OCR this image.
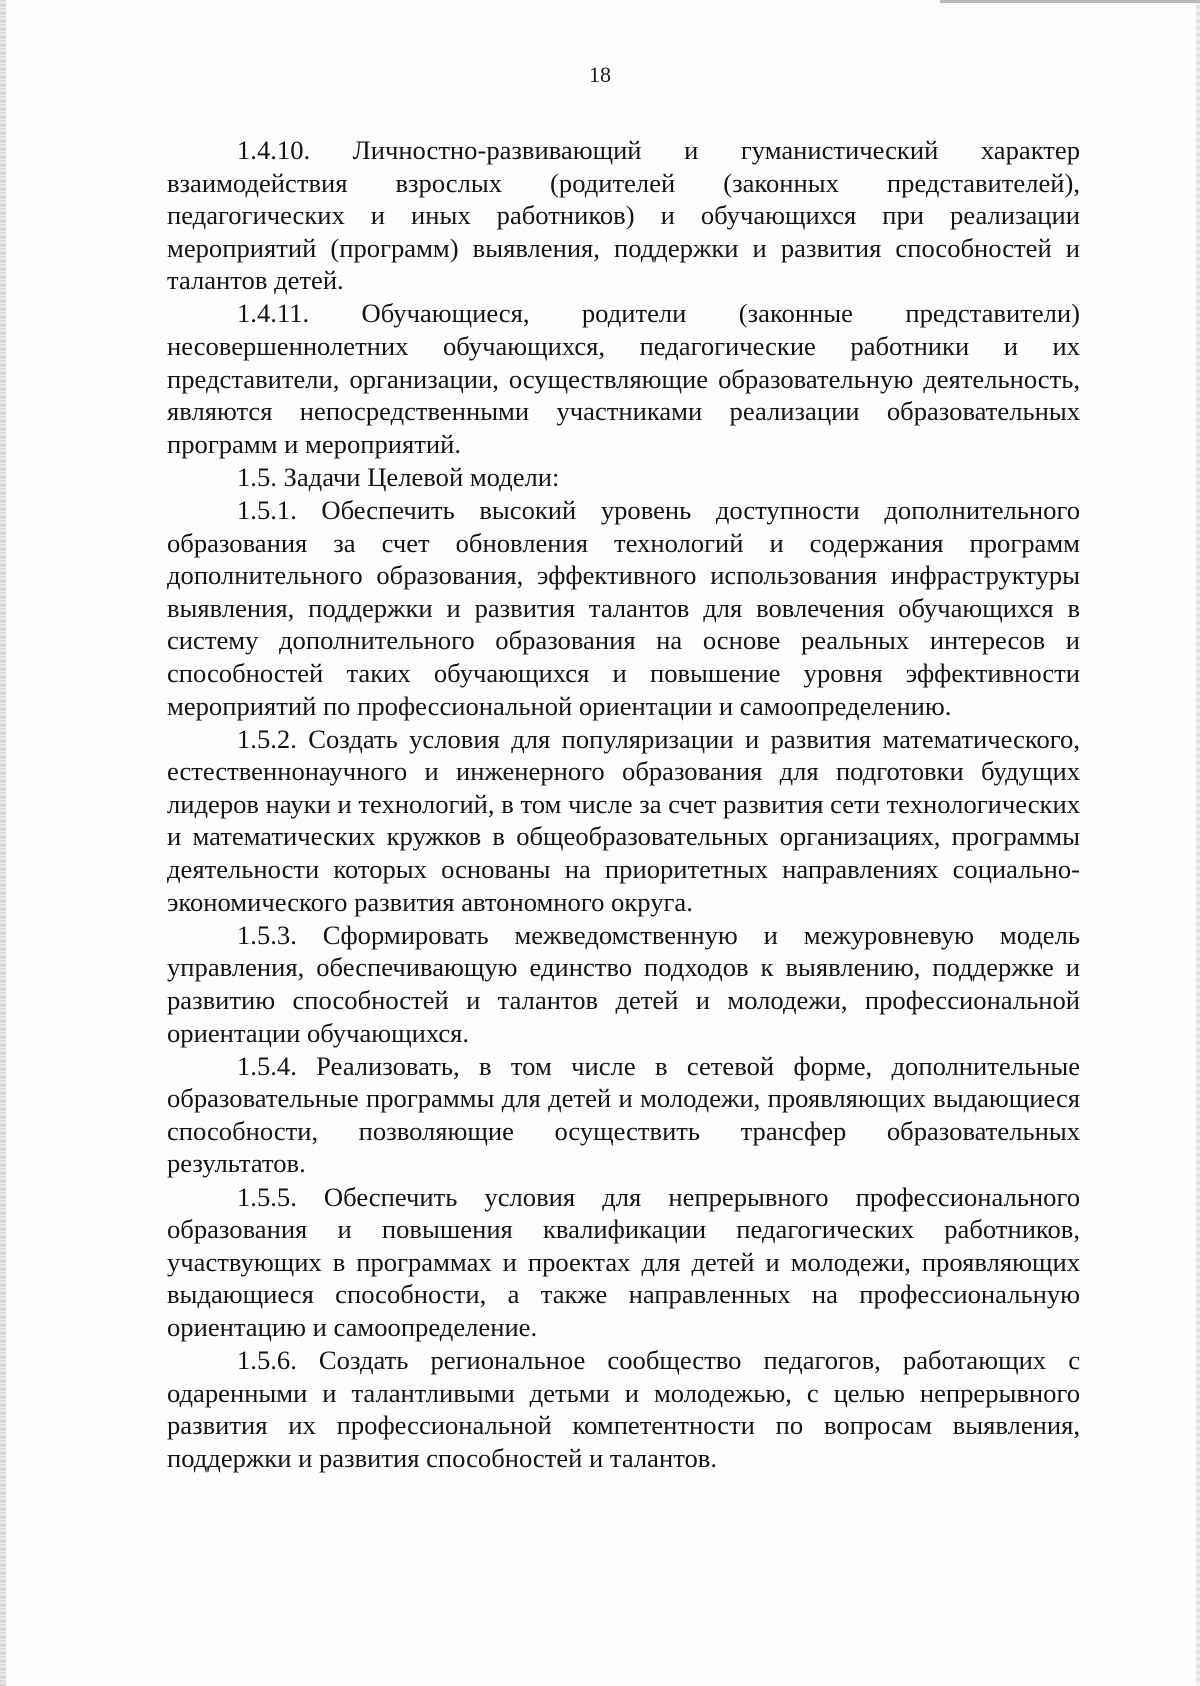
18

1.4.10. Личностно-развивающий и гуманистический характер взаимодействия взрослых (родителей (законных представителей), педагогических и иных работников) и обучающихся при реализации мероприятий (программ) выявления, поддержки и развития способностей и талантов детей.

1.4.11. Обучающиеся, родители (законные представители) несовершеннолетних обучающихся, педагогические работники и их представители, организации, осуществляющие образовательную деятельность, являются непосредственными участниками реализации образовательных программ и мероприятий.

1.5. Задачи Целевой модели:

1.5.1. Обеспечить высокий уровень доступности дополнительного образования за счет обновления технологий и содержания программ дополнительного образования, эффективного использования инфраструктуры выявления, поддержки и развития талантов для вовлечения обучающихся в систему дополнительного образования на основе реальных интересов и способностей таких обучающихся и повышение уровня эффективности мероприятий по профессиональной ориентации и самоопределению.

1.5.2. Создать условия для популяризации и развития математического, естественнонаучного и инженерного образования для подготовки будущих лидеров науки и технологий, в том числе за счет развития сети технологических и математических кружков в общеобразовательных организациях, программы деятельности которых основаны на приоритетных направлениях социально-экономического развития автономного округа.

1.5.3. Сформировать межведомственную и межуровневую модель управления, обеспечивающую единство подходов к выявлению, поддержке и развитию способностей и талантов детей и молодежи, профессиональной ориентации обучающихся.

1.5.4. Реализовать, в том числе в сетевой форме, дополнительные образовательные программы для детей и молодежи, проявляющих выдающиеся способности, позволяющие осуществить трансфер образовательных результатов.

1.5.5. Обеспечить условия для непрерывного профессионального образования и повышения квалификации педагогических работников, участвующих в программах и проектах для детей и молодежи, проявляющих выдающиеся способности, а также направленных на профессиональную ориентацию и самоопределение.

1.5.6. Создать региональное сообщество педагогов, работающих с одаренными и талантливыми детьми и молодежью, с целью непрерывного развития их профессиональной компетентности по вопросам выявления, поддержки и развития способностей и талантов.
